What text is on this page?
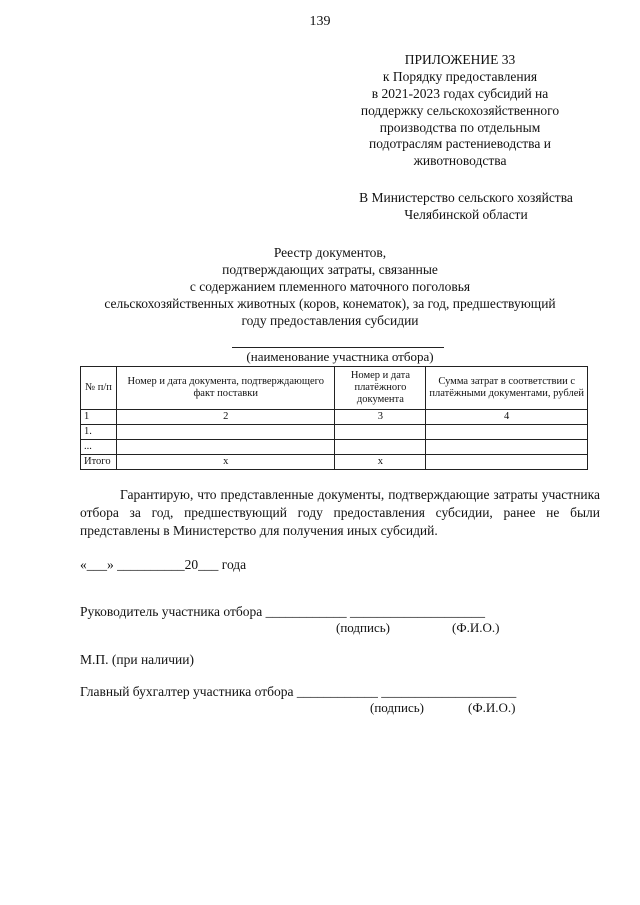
139
ПРИЛОЖЕНИЕ 33
к Порядку предоставления
в 2021-2023 годах субсидий на
поддержку сельскохозяйственного
производства по отдельным
подотраслям растениеводства и
животноводства
В Министерство сельского хозяйства
Челябинской области
Реестр документов,
подтверждающих затраты, связанные
с содержанием племенного маточного поголовья
сельскохозяйственных животных (коров, конематок), за год, предшествующий
году предоставления субсидии
(наименование участника отбора)
№ п/п	Номер и дата документа, подтверждающего факт поставки	Номер и дата платёжного документа	Сумма затрат в соответствии с платёжными документами, рублей
1	2	3	4
1.			
...			
Итого	x	x	
Гарантирую, что представленные документы, подтверждающие затраты участника отбора за год, предшествующий году предоставления субсидии, ранее не были представлены в Министерство для получения иных субсидий.
«___» __________20___ года
Руководитель участника отбора ____________ ____________________
(подпись)	(Ф.И.О.)
М.П. (при наличии)
Главный бухгалтер участника отбора ____________ ____________________
(подпись)	(Ф.И.О.)
